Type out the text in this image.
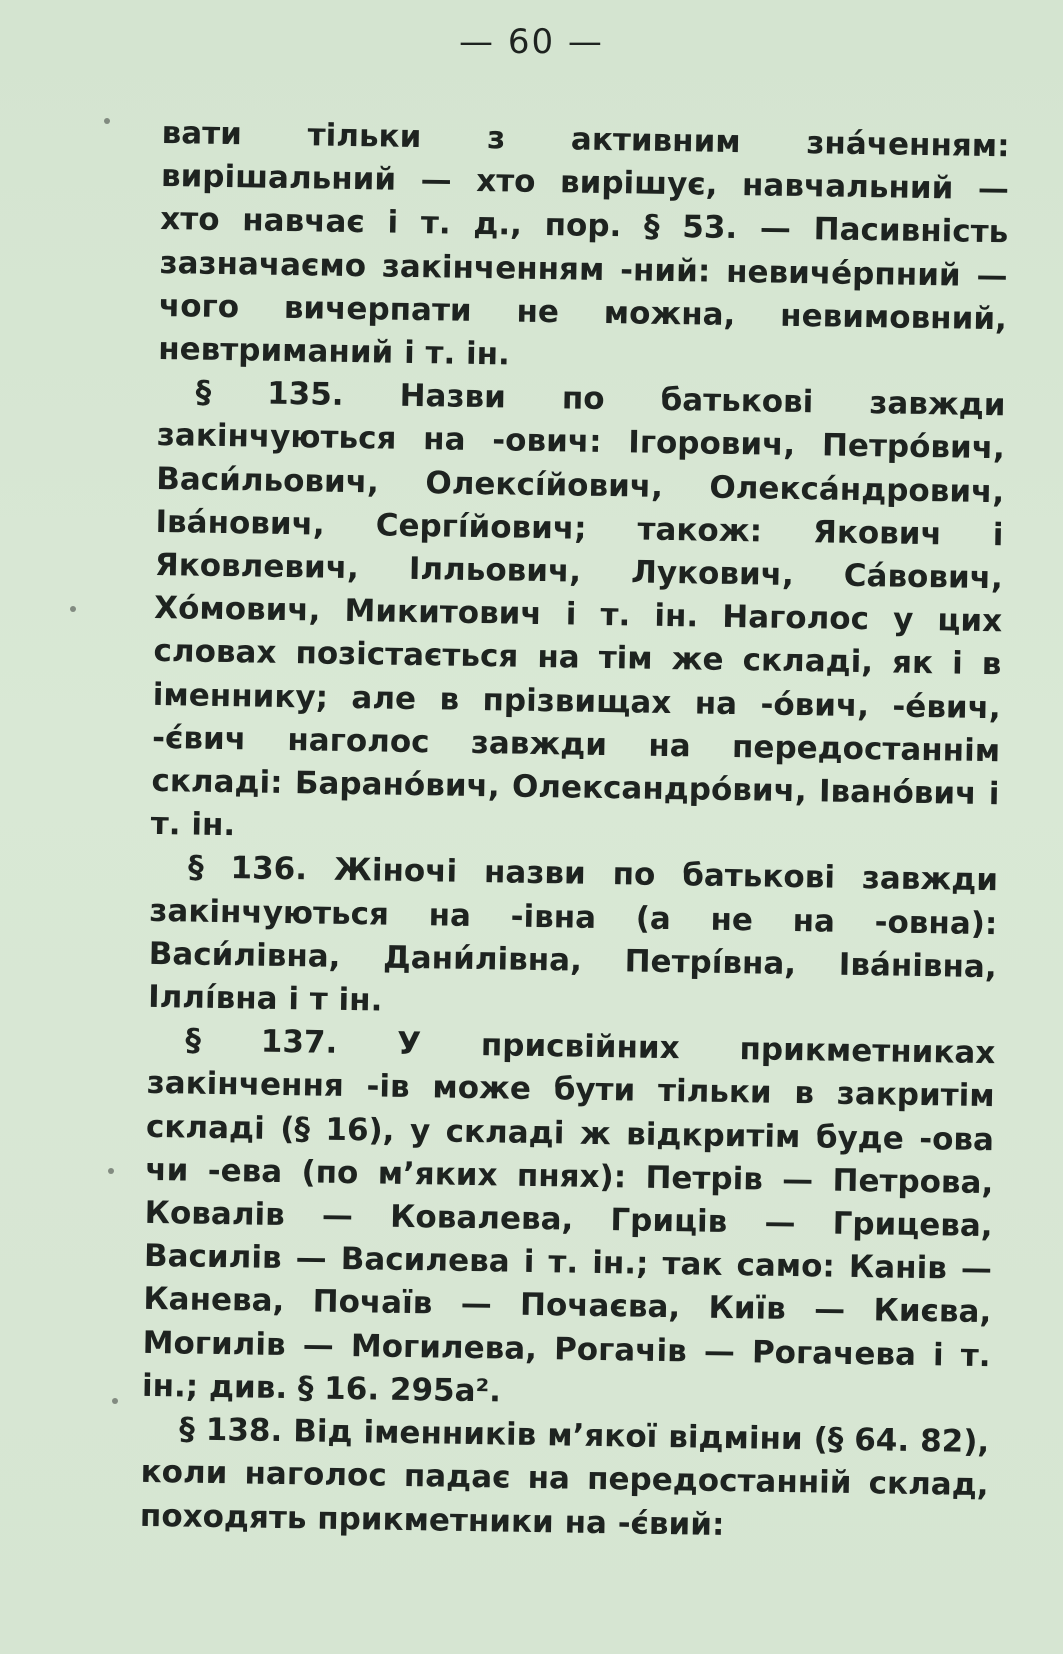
— 60 —

вати тільки з активним зна́ченням: вирішальний — хто вирішує, навчальний — хто навчає і т. д., пор. § 53. — Пасивність зазначаємо закінченням -ний: невиче́рпний — чого вичерпати не можна, невимовний, невтриманий і т. ін.

§ 135. Назви по батькові завжди закінчуються на -ович: Ігорович, Петро́вич, Васи́льович, Олексі́йович, Олекса́ндрович, Іва́нович, Сергі́йович; також: Якович і Яковлевич, Ілльович, Лукович, Са́вович, Хо́мович, Микитович і т. ін. Наголос у цих словах позістається на тім же складі, як і в іменнику; але в прізвищах на -о́вич, -е́вич, -є́вич наголос завжди на передостаннім складі: Барано́вич, Олександро́вич, Івано́вич і т. ін.

§ 136. Жіночі назви по батькові завжди закінчуються на -івна (а не на -овна): Васи́лівна, Дани́лівна, Петрі́вна, Іва́нівна, Іллі́вна і т ін.

§ 137. У присвійних прикметниках закінчення -ів може бути тільки в закритім складі (§ 16), у складі ж відкритім буде -ова чи -ева (по м’яких пнях): Петрів — Петрова, Ковалів — Ковалева, Гриців — Грицева, Василів — Василева і т. ін.; так само: Канів — Канева, Почаїв — Почаєва, Київ — Києва, Могилів — Могилева, Рогачів — Рогачева і т. ін.; див. § 16. 295а².

§ 138. Від іменників м’якої відміни (§ 64. 82), коли наголос падає на передостанній склад, походять прикметники на -є́вий:
